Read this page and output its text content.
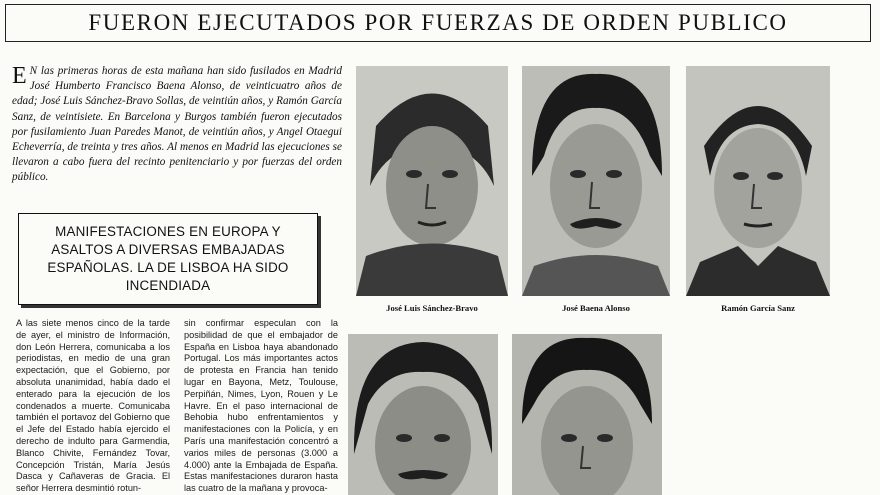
FUERON EJECUTADOS POR FUERZAS DE ORDEN PUBLICO

E N las primeras horas de esta mañana han sido fusilados en Madrid José Humberto Francisco Baena Alonso, de veinticuatro años de edad; José Luis Sánchez-Bravo Sollas, de veintiún años, y Ramón García Sanz, de veintisiete. En Barcelona y Burgos también fueron ejecutados por fusilamiento Juan Paredes Manot, de veintiún años, y Angel Otaegui Echeverría, de treinta y tres años. Al menos en Madrid las ejecuciones se llevaron a cabo fuera del recinto penitenciario y por fuerzas del orden público.

MANIFESTACIONES EN EUROPA Y ASALTOS A DIVERSAS EMBAJADAS ESPAÑOLAS. LA DE LISBOA HA SIDO INCENDIADA

A las siete menos cinco de la tarde de ayer, el ministro de Información, don León Herrera, comunicaba a los periodistas, en medio de una gran expectación, que el Gobierno, por absoluta unanimidad, había dado el enterado para la ejecución de los condenados a muerte. Comunicaba también el portavoz del Gobierno que el Jefe del Estado había ejercido el derecho de indulto para Garmendia, Blanco Chivite, Fernández Tovar, Concepción Tristán, María Jesús Dasca y Cañaveras de Gracia. El señor Herrera desmintió rotun-

sin confirmar especulan con la posibilidad de que el embajador de España en Lisboa haya abandonado Portugal. Los más importantes actos de protesta en Francia han tenido lugar en Bayona, Metz, Toulouse, Perpiñán, Nimes, Lyon, Rouen y Le Havre. En el paso internacional de Behobia hubo enfrentamientos y manifestaciones con la Policía, y en París una manifestación concentró a varios miles de personas (3.000 a 4.000) ante la Embajada de España. Estas manifestaciones duraron hasta las cuatro de la mañana y provoca-

José Luis Sánchez-Bravo	José Baena Alonso	Ramón García Sanz
